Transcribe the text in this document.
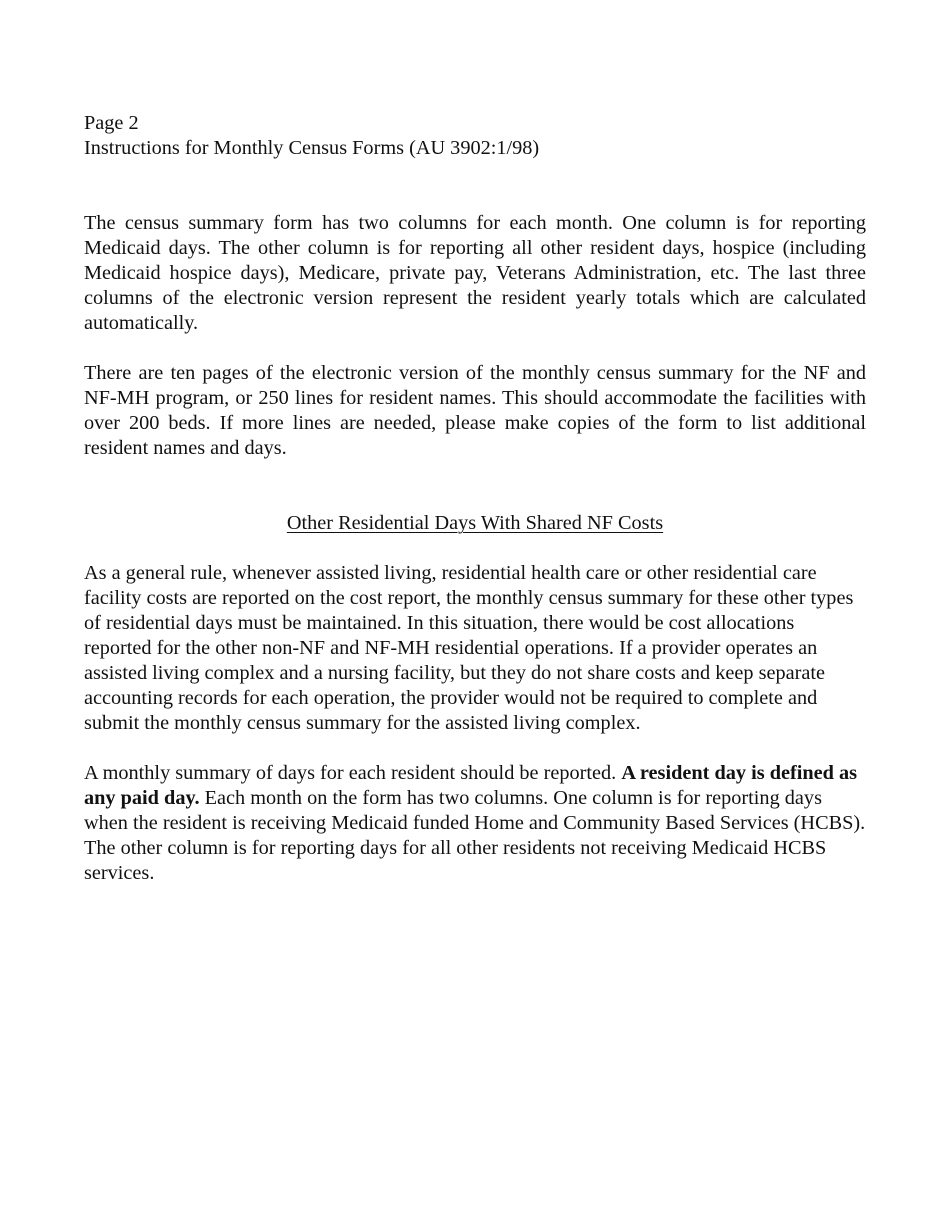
Page 2
Instructions for Monthly Census Forms (AU 3902:1/98)

The census summary form has two columns for each month. One column is for reporting Medicaid days. The other column is for reporting all other resident days, hospice (including Medicaid hospice days), Medicare, private pay, Veterans Administration, etc. The last three columns of the electronic version represent the resident yearly totals which are calculated automatically.

There are ten pages of the electronic version of the monthly census summary for the NF and NF-MH program, or 250 lines for resident names. This should accommodate the facilities with over 200 beds. If more lines are needed, please make copies of the form to list additional resident names and days.

Other Residential Days With Shared NF Costs

As a general rule, whenever assisted living, residential health care or other residential care facility costs are reported on the cost report, the monthly census summary for these other types of residential days must be maintained. In this situation, there would be cost allocations reported for the other non-NF and NF-MH residential operations. If a provider operates an assisted living complex and a nursing facility, but they do not share costs and keep separate accounting records for each operation, the provider would not be required to complete and submit the monthly census summary for the assisted living complex.

A monthly summary of days for each resident should be reported. A resident day is defined as any paid day. Each month on the form has two columns. One column is for reporting days when the resident is receiving Medicaid funded Home and Community Based Services (HCBS). The other column is for reporting days for all other residents not receiving Medicaid HCBS services.
